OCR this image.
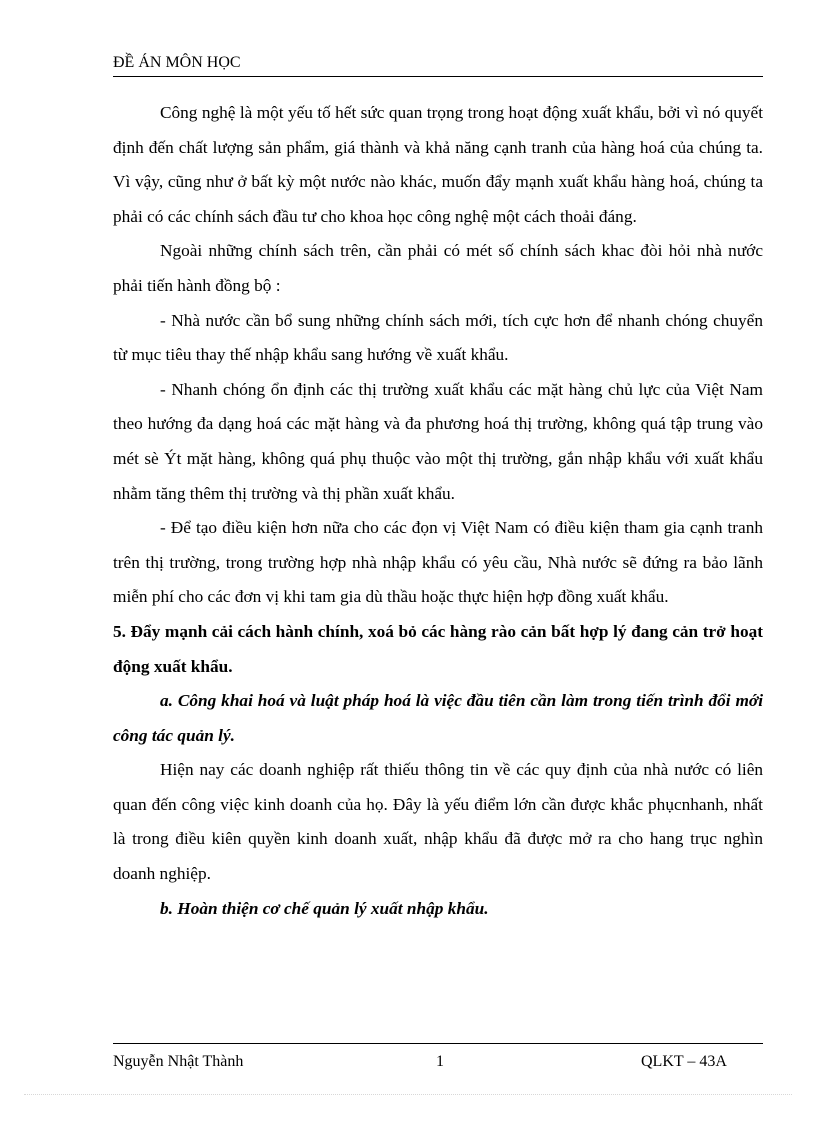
ĐỀ ÁN MÔN HỌC

Công nghệ là một yếu tố hết sức quan trọng trong hoạt động xuất khẩu, bởi vì nó quyết định đến chất lượng sản phẩm, giá thành và khả năng cạnh tranh của hàng hoá của chúng ta. Vì vậy, cũng như ở bất kỳ một nước nào khác, muốn đẩy mạnh xuất khẩu hàng hoá, chúng ta phải có các chính sách đầu tư cho khoa học công nghệ một cách thoải đáng.

Ngoài những chính sách trên, cần phải có mét số chính sách khac đòi hỏi nhà nước phải tiến hành đồng bộ :

- Nhà nước cần bổ sung những chính sách mới, tích cực hơn để nhanh chóng chuyển từ mục tiêu thay thế nhập khẩu sang hướng về xuất khẩu.

- Nhanh chóng ổn định các thị trường xuất khẩu các mặt hàng chủ lực của Việt Nam theo hướng đa dạng hoá các mặt hàng và đa phương hoá thị trường, không quá tập trung vào mét sè Ýt mặt hàng, không quá phụ thuộc vào một thị trường, gắn nhập khẩu với xuất khẩu nhằm tăng thêm thị trường và thị phần xuất khẩu.

- Để tạo điều kiện hơn nữa cho các đọn vị Việt Nam có điều kiện tham gia cạnh tranh trên thị trường, trong trường hợp nhà nhập khẩu có yêu cầu, Nhà nước sẽ đứng ra bảo lãnh miễn phí cho các đơn vị khi tam gia dù thầu hoặc thực hiện hợp đồng xuất khẩu.

5. Đẩy mạnh cải cách hành chính, xoá bỏ các hàng rào cản bất hợp lý đang cản trở hoạt động xuất khẩu.

a. Công khai hoá và luật pháp hoá là việc đầu tiên cần làm trong tiến trình đổi mới công tác quản lý.

Hiện nay các doanh nghiệp rất thiếu thông tin về các quy định của nhà nước có liên quan đến công việc kinh doanh của họ. Đây là yếu điểm lớn cần được khắc phụcnhanh, nhất là trong điều kiên quyền kinh doanh xuất, nhập khẩu đã được mở ra cho hang trục nghìn doanh nghiệp.

b. Hoàn thiện cơ chế quản lý xuất nhập khẩu.

Nguyễn Nhật Thành	1	QLKT – 43A
